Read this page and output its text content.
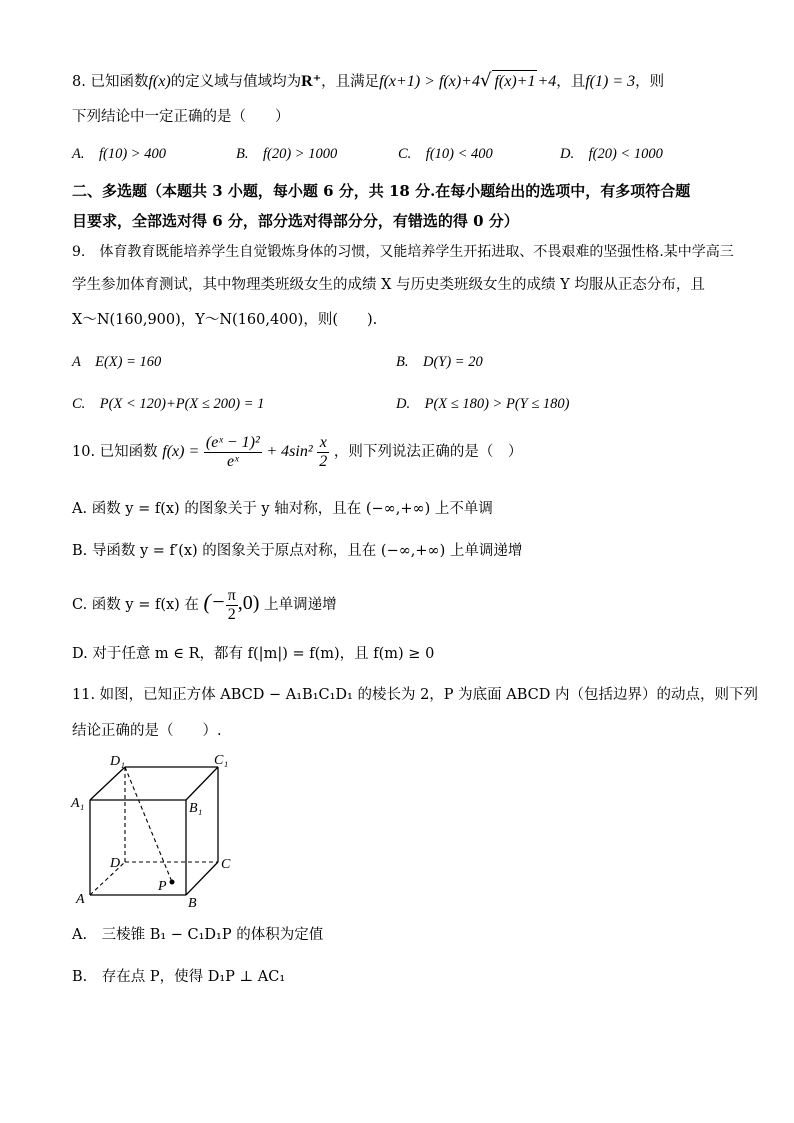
8. 已知函数f(x)的定义域与值域均为R⁺，且满足f(x+1) > f(x)+4√ f(x)+1 +4，且f(1) = 3，则
下列结论中一定正确的是（　　）
A.　f(10) > 400	B.　f(20) > 1000	C.　f(10) < 400	D.　f(20) < 1000
二、多选题（本题共 3 小题，每小题 6 分，共 18 分.在每小题给出的选项中，有多项符合题
目要求，全部选对得 6 分，部分选对得部分分，有错选的得 0 分）
9.　体育教育既能培养学生自觉锻炼身体的习惯，又能培养学生开拓进取、不畏艰难的坚强性格.某中学高三
学生参加体育测试，其中物理类班级女生的成绩 X 与历史类班级女生的成绩 Y 均服从正态分布，且
X～N(160,900)，Y～N(160,400)，则(　　).
A　E(X) = 160	B.　D(Y) = 20
C.　P(X < 120)+P(X ≤ 200) = 1	D.　P(X ≤ 180) > P(Y ≤ 180)
10. 已知函数 $f(x) = \frac{\text{(eˣ − 1)²}}{\text{eˣ}} + 4\sin^2 \frac{x}{2}$ ，则下列说法正确的是（　）
A. 函数 y = f(x) 的图象关于 y 轴对称，且在 (−∞,+∞) 上不单调
B. 导函数 y = f′(x) 的图象关于原点对称，且在 (−∞,+∞) 上单调递增
C. 函数 y = f(x) 在 (− $\frac{\pi}{2} ,0$) 上单调递增
D. 对于任意 m ∈ R，都有 f(|m|) = f(m)，且 f(m) ≥ 0
11. 如图，已知正方体 ABCD − A₁B₁C₁D₁ 的棱长为 2，P 为底面 ABCD 内（包括边界）的动点，则下列
结论正确的是（　　）.
D₁	C₁
A₁	B₁
D	C
A	B
P
A.　三棱锥 B₁ − C₁D₁P 的体积为定值
B.　存在点 P，使得 D₁P ⊥ AC₁
